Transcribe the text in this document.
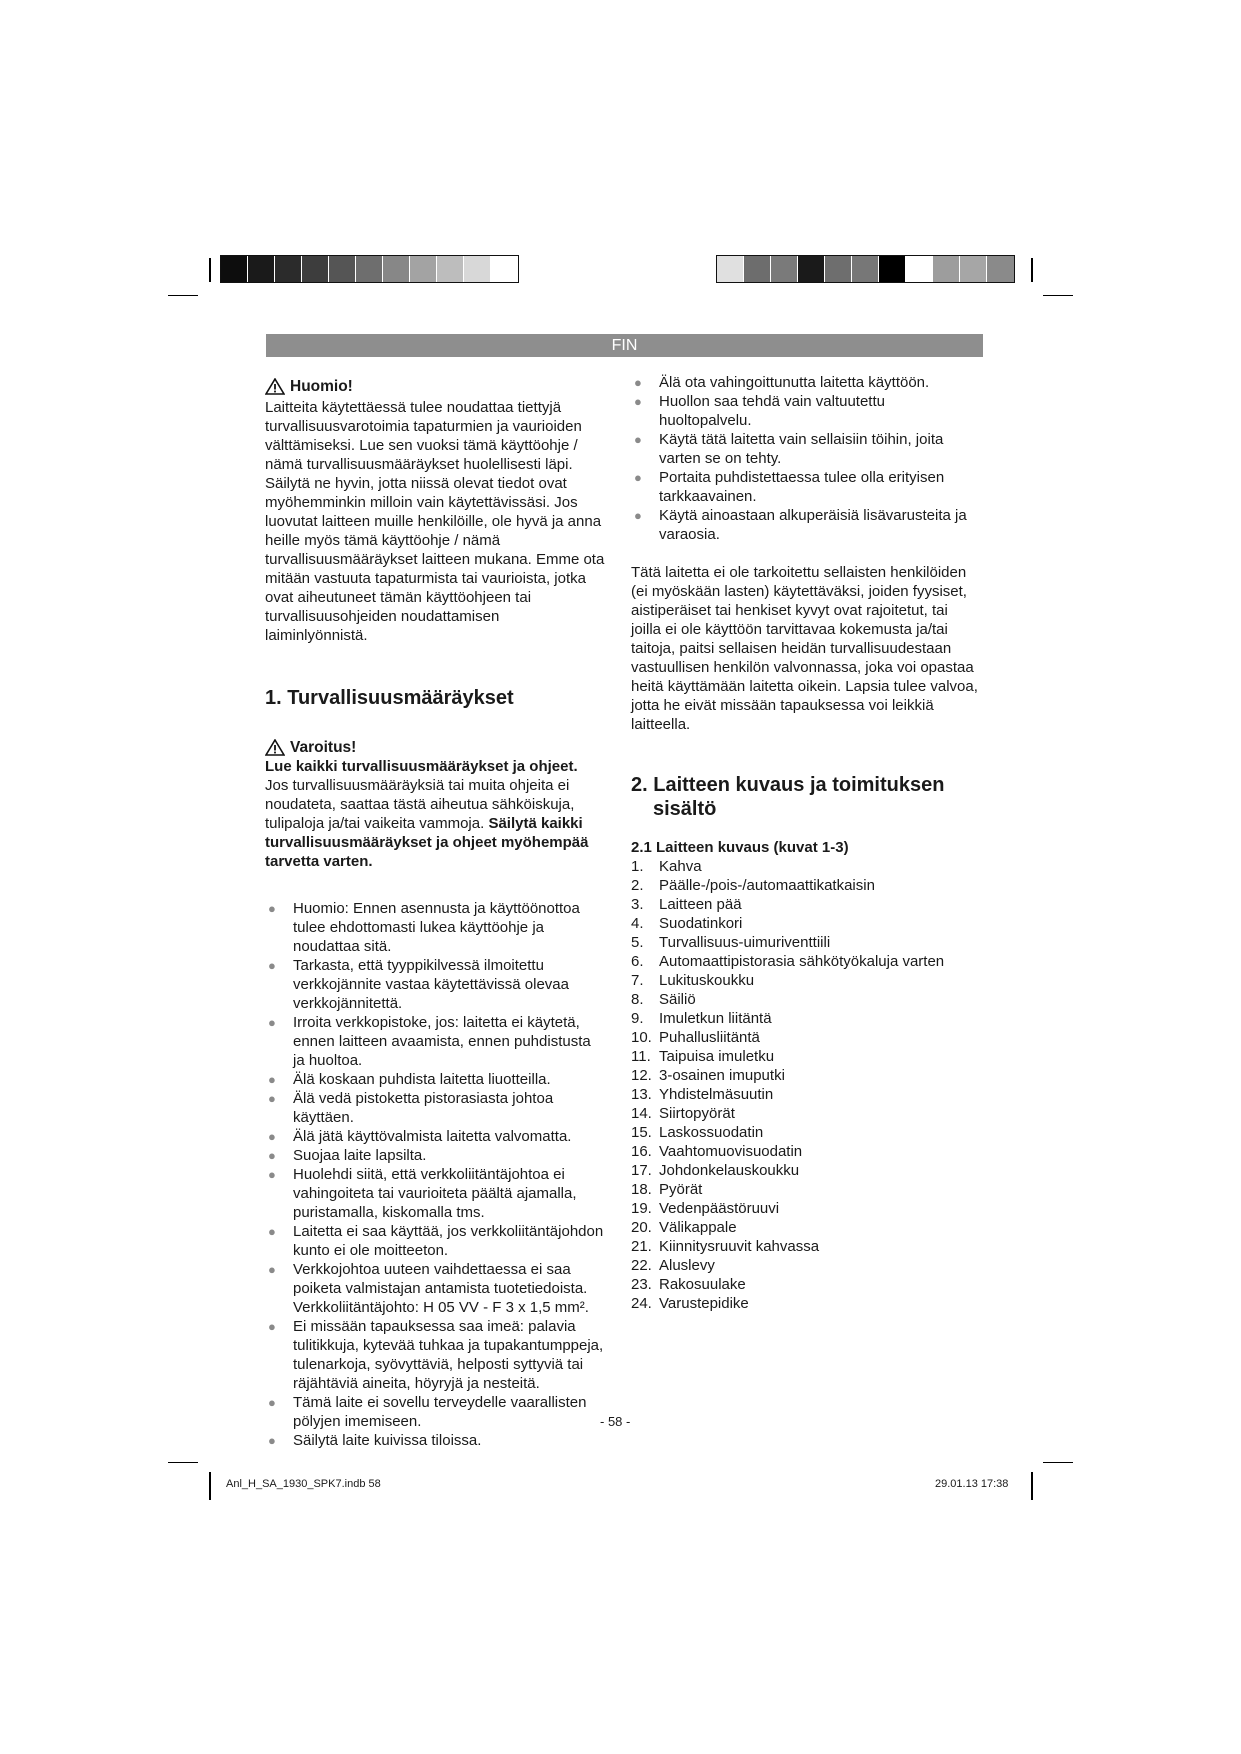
FIN
Huomio!

Laitteita käytettäessä tulee noudattaa tiettyjä turvallisuusvarotoimia tapaturmien ja vaurioiden välttämiseksi. Lue sen vuoksi tämä käyttöohje / nämä turvallisuusmääräykset huolellisesti läpi. Säilytä ne hyvin, jotta niissä olevat tiedot ovat myöhemminkin milloin vain käytettävissäsi. Jos luovutat laitteen muille henkilöille, ole hyvä ja anna heille myös tämä käyttöohje / nämä turvallisuusmääräykset laitteen mukana. Emme ota mitään vastuuta tapaturmista tai vaurioista, jotka ovat aiheutuneet tämän käyttöohjeen tai turvallisuusohjeiden noudattamisen laiminlyönnistä.

1. Turvallisuusmääräykset
Varoitus!

Lue kaikki turvallisuusmääräykset ja ohjeet. Jos turvallisuusmääräyksiä tai muita ohjeita ei noudateta, saattaa tästä aiheutua sähköiskuja, tulipaloja ja/tai vaikeita vammoja. Säilytä kaikki turvallisuusmääräykset ja ohjeet myöhempää tarvetta varten.

● Huomio: Ennen asennusta ja käyttöönottoa tulee ehdottomasti lukea käyttöohje ja noudattaa sitä.
● Tarkasta, että tyyppikilvessä ilmoitettu verkkojännite vastaa käytettävissä olevaa verkkojännitettä.
● Irroita verkkopistoke, jos: laitetta ei käytetä, ennen laitteen avaamista, ennen puhdistusta ja huoltoa.
● Älä koskaan puhdista laitetta liuotteilla.
● Älä vedä pistoketta pistorasiasta johtoa käyttäen.
● Älä jätä käyttövalmista laitetta valvomatta.
● Suojaa laite lapsilta.
● Huolehdi siitä, että verkkoliitäntäjohtoa ei vahingoiteta tai vaurioiteta päältä ajamalla, puristamalla, kiskomalla tms.
● Laitetta ei saa käyttää, jos verkkoliitäntäjohdon kunto ei ole moitteeton.
● Verkkojohtoa uuteen vaihdettaessa ei saa poiketa valmistajan antamista tuotetiedoista. Verkkoliitäntäjohto: H 05 VV - F 3 x 1,5 mm².
● Ei missään tapauksessa saa imeä: palavia tulitikkuja, kytevää tuhkaa ja tupakantumppeja, tulenarkoja, syövyttäviä, helposti syttyviä tai räjähtäviä aineita, höyryjä ja nesteitä.
● Tämä laite ei sovellu terveydelle vaarallisten pölyjen imemiseen.
● Säilytä laite kuivissa tiloissa.
● Älä ota vahingoittunutta laitetta käyttöön.
● Huollon saa tehdä vain valtuutettu huoltopalvelu.
● Käytä tätä laitetta vain sellaisiin töihin, joita varten se on tehty.
● Portaita puhdistettaessa tulee olla erityisen tarkkaavainen.
● Käytä ainoastaan alkuperäisiä lisävarusteita ja varaosia.

Tätä laitetta ei ole tarkoitettu sellaisten henkilöiden (ei myöskään lasten) käytettäväksi, joiden fyysiset, aistiperäiset tai henkiset kyvyt ovat rajoitetut, tai joilla ei ole käyttöön tarvittavaa kokemusta ja/tai taitoja, paitsi sellaisen heidän turvallisuudestaan vastuullisen henkilön valvonnassa, joka voi opastaa heitä käyttämään laitetta oikein. Lapsia tulee valvoa, jotta he eivät missään tapauksessa voi leikkiä laitteella.

2. Laitteen kuvaus ja toimituksen
sisältö

2.1 Laitteen kuvaus (kuvat 1-3)

1.	Kahva
2.	Päälle-/pois-/automaattikatkaisin
3.	Laitteen pää
4.	Suodatinkori
5.	Turvallisuus-uimuriventtiili
6.	Automaattipistorasia sähkötyökaluja varten
7.	Lukituskoukku
8.	Säiliö
9.	Imuletkun liitäntä
10. Puhallusliitäntä
11. Taipuisa imuletku
12. 3-osainen imuputki
13. Yhdistelmäsuutin
14. Siirtopyörät
15. Laskossuodatin
16. Vaahtomuovisuodatin
17. Johdonkelauskoukku
18. Pyörät
19. Vedenpäästöruuvi
20. Välikappale
21. Kiinnitysruuvit kahvassa
22. Aluslevy
23. Rakosuulake
24. Varustepidike
- 58 -
Anl_H_SA_1930_SPK7.indb 58	29.01.13 17:38
